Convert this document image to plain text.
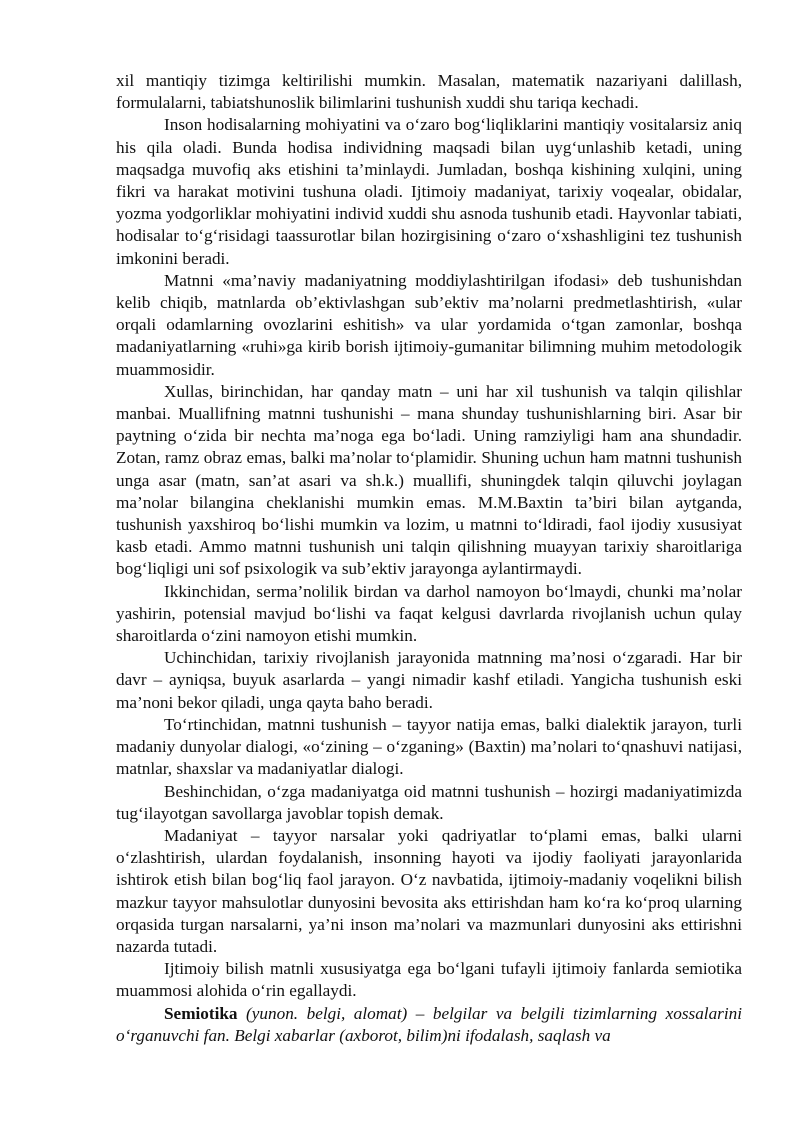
xil mantiqiy tizimga keltirilishi mumkin. Masalan, matematik nazariyani dalillash, formulalarni, tabiatshunoslik bilimlarini tushunish xuddi shu tariqa kechadi.

Inson hodisalarning mohiyatini va o‘zaro bog‘liqliklarini mantiqiy vositalarsiz aniq his qila oladi. Bunda hodisa individning maqsadi bilan uyg‘unlashib ketadi, uning maqsadga muvofiq aks etishini ta’minlaydi. Jumladan, boshqa kishining xulqini, uning fikri va harakat motivini tushuna oladi. Ijtimoiy madaniyat, tarixiy voqealar, obidalar, yozma yodgorliklar mohiyatini individ xuddi shu asnoda tushunib etadi. Hayvonlar tabiati, hodisalar to‘g‘risidagi taassurotlar bilan hozirgisining o‘zaro o‘xshashligini tez tushunish imkonini beradi.

Matnni «ma’naviy madaniyatning moddiylashtirilgan ifodasi» deb tushunishdan kelib chiqib, matnlarda ob’ektivlashgan sub’ektiv ma’nolarni predmetlashtirish, «ular orqali odamlarning ovozlarini eshitish» va ular yordamida o‘tgan zamonlar, boshqa madaniyatlarning «ruhi»ga kirib borish ijtimoiy-gumanitar bilimning muhim metodologik muammosidir.

Xullas, birinchidan, har qanday matn – uni har xil tushunish va talqin qilishlar manbai. Muallifning matnni tushunishi – mana shunday tushunishlarning biri. Asar bir paytning o‘zida bir nechta ma’noga ega bo‘ladi. Uning ramziyligi ham ana shundadir. Zotan, ramz obraz emas, balki ma’nolar to‘plamidir. Shuning uchun ham matnni tushunish unga asar (matn, san’at asari va sh.k.) muallifi, shuningdek talqin qiluvchi joylagan ma’nolar bilangina cheklanishi mumkin emas. M.M.Baxtin ta’biri bilan aytganda, tushunish yaxshiroq bo‘lishi mumkin va lozim, u matnni to‘ldiradi, faol ijodiy xususiyat kasb etadi. Ammo matnni tushunish uni talqin qilishning muayyan tarixiy sharoitlariga bog‘liqligi uni sof psixologik va sub’ektiv jarayonga aylantirmaydi.

Ikkinchidan, serma’nolilik birdan va darhol namoyon bo‘lmaydi, chunki ma’nolar yashirin, potensial mavjud bo‘lishi va faqat kelgusi davrlarda rivojlanish uchun qulay sharoitlarda o‘zini namoyon etishi mumkin.

Uchinchidan, tarixiy rivojlanish jarayonida matnning ma’nosi o‘zgaradi. Har bir davr – ayniqsa, buyuk asarlarda – yangi nimadir kashf etiladi. Yangicha tushunish eski ma’noni bekor qiladi, unga qayta baho beradi.

To‘rtinchidan, matnni tushunish – tayyor natija emas, balki dialektik jarayon, turli madaniy dunyolar dialogi, «o‘zining – o‘zganing» (Baxtin) ma’nolari to‘qnashuvi natijasi, matnlar, shaxslar va madaniyatlar dialogi.

Beshinchidan, o‘zga madaniyatga oid matnni tushunish – hozirgi madaniyatimizda tug‘ilayotgan savollarga javoblar topish demak.

Madaniyat – tayyor narsalar yoki qadriyatlar to‘plami emas, balki ularni o‘zlashtirish, ulardan foydalanish, insonning hayoti va ijodiy faoliyati jarayonlarida ishtirok etish bilan bog‘liq faol jarayon. O‘z navbatida, ijtimoiy-madaniy voqelikni bilish mazkur tayyor mahsulotlar dunyosini bevosita aks ettirishdan ham ko‘ra ko‘proq ularning orqasida turgan narsalarni, ya’ni inson ma’nolari va mazmunlari dunyosini aks ettirishni nazarda tutadi.

Ijtimoiy bilish matnli xususiyatga ega bo‘lgani tufayli ijtimoiy fanlarda semiotika muammosi alohida o‘rin egallaydi.

Semiotika (yunon. belgi, alomat) – belgilar va belgili tizimlarning xossalarini o‘rganuvchi fan. Belgi xabarlar (axborot, bilim)ni ifodalash, saqlash va
